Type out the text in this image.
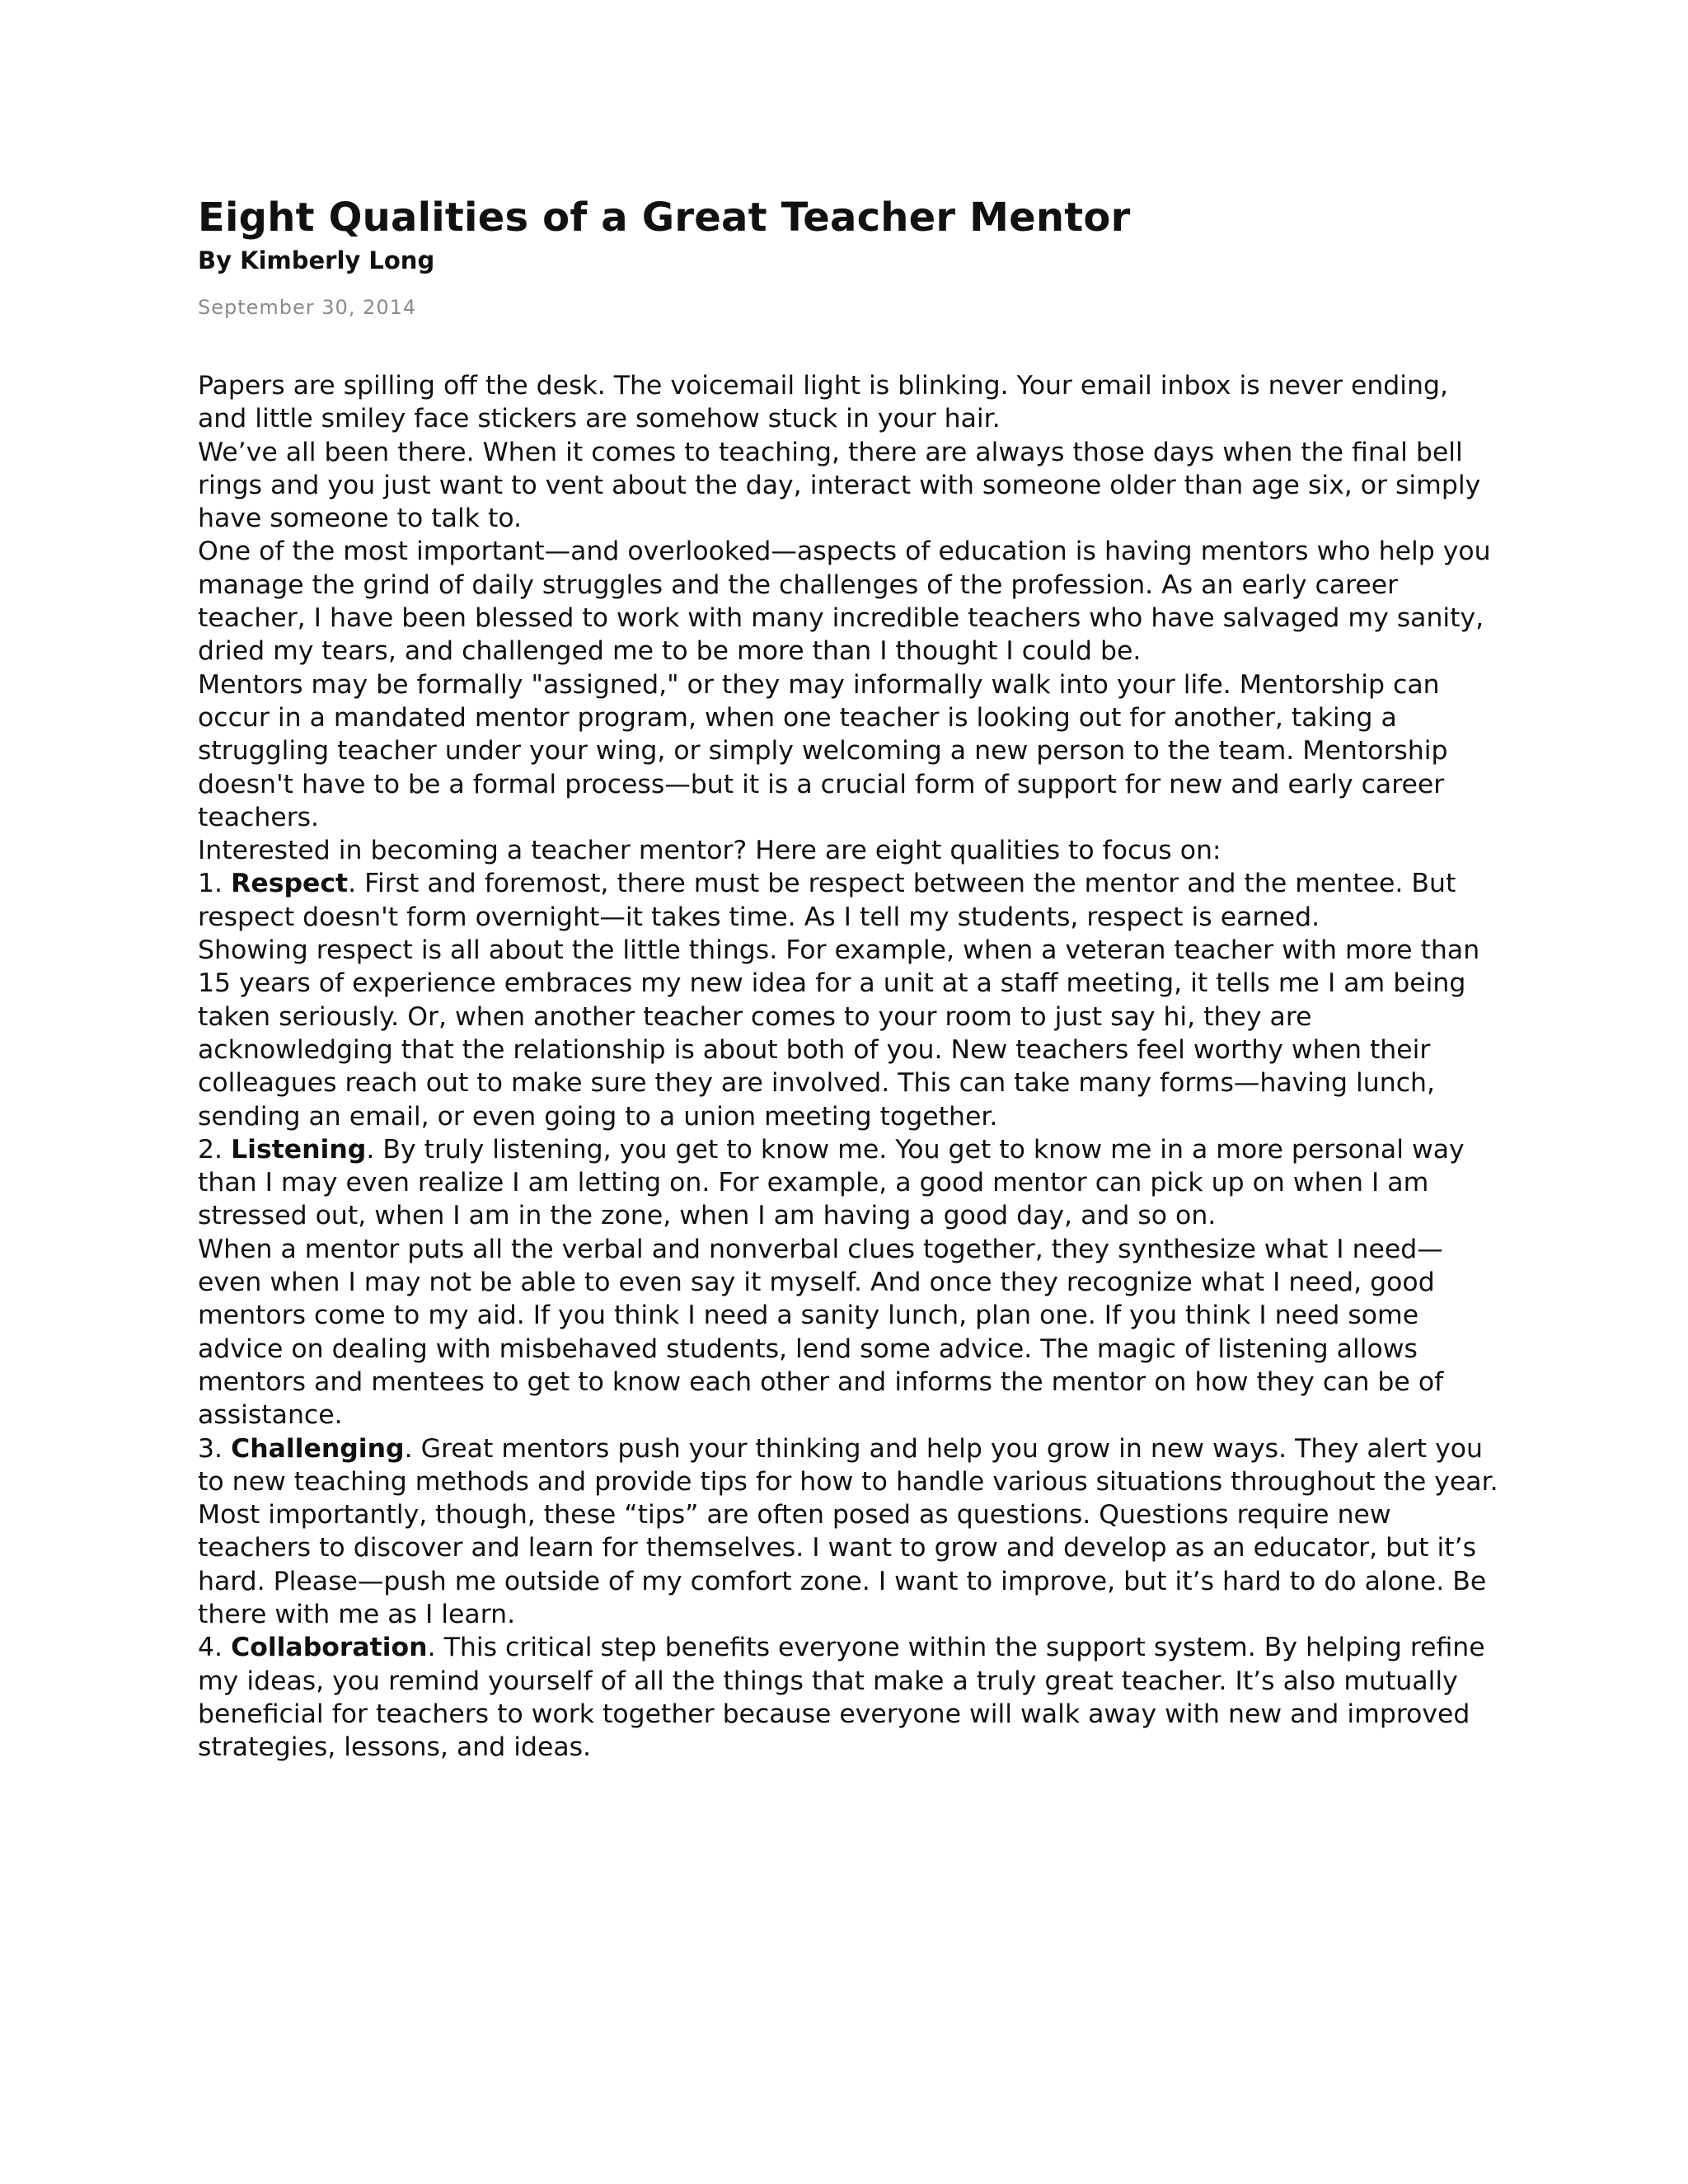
Eight Qualities of a Great Teacher Mentor

By Kimberly Long

September 30, 2014

Papers are spilling off the desk. The voicemail light is blinking. Your email inbox is never ending, and little smiley face stickers are somehow stuck in your hair.

We’ve all been there. When it comes to teaching, there are always those days when the final bell rings and you just want to vent about the day, interact with someone older than age six, or simply have someone to talk to.

One of the most important—and overlooked—aspects of education is having mentors who help you manage the grind of daily struggles and the challenges of the profession. As an early career teacher, I have been blessed to work with many incredible teachers who have salvaged my sanity, dried my tears, and challenged me to be more than I thought I could be.

Mentors may be formally "assigned," or they may informally walk into your life. Mentorship can occur in a mandated mentor program, when one teacher is looking out for another, taking a struggling teacher under your wing, or simply welcoming a new person to the team. Mentorship doesn't have to be a formal process—but it is a crucial form of support for new and early career teachers.

Interested in becoming a teacher mentor? Here are eight qualities to focus on:

1. Respect. First and foremost, there must be respect between the mentor and the mentee. But respect doesn't form overnight—it takes time. As I tell my students, respect is earned.

Showing respect is all about the little things. For example, when a veteran teacher with more than 15 years of experience embraces my new idea for a unit at a staff meeting, it tells me I am being taken seriously. Or, when another teacher comes to your room to just say hi, they are acknowledging that the relationship is about both of you. New teachers feel worthy when their colleagues reach out to make sure they are involved. This can take many forms—having lunch, sending an email, or even going to a union meeting together.

2. Listening. By truly listening, you get to know me. You get to know me in a more personal way than I may even realize I am letting on. For example, a good mentor can pick up on when I am stressed out, when I am in the zone, when I am having a good day, and so on.

When a mentor puts all the verbal and nonverbal clues together, they synthesize what I need—even when I may not be able to even say it myself. And once they recognize what I need, good mentors come to my aid. If you think I need a sanity lunch, plan one. If you think I need some advice on dealing with misbehaved students, lend some advice. The magic of listening allows mentors and mentees to get to know each other and informs the mentor on how they can be of assistance.

3. Challenging. Great mentors push your thinking and help you grow in new ways. They alert you to new teaching methods and provide tips for how to handle various situations throughout the year.

Most importantly, though, these “tips” are often posed as questions. Questions require new teachers to discover and learn for themselves. I want to grow and develop as an educator, but it’s hard. Please—push me outside of my comfort zone. I want to improve, but it’s hard to do alone. Be there with me as I learn.

4. Collaboration. This critical step benefits everyone within the support system. By helping refine my ideas, you remind yourself of all the things that make a truly great teacher. It’s also mutually beneficial for teachers to work together because everyone will walk away with new and improved strategies, lessons, and ideas.
